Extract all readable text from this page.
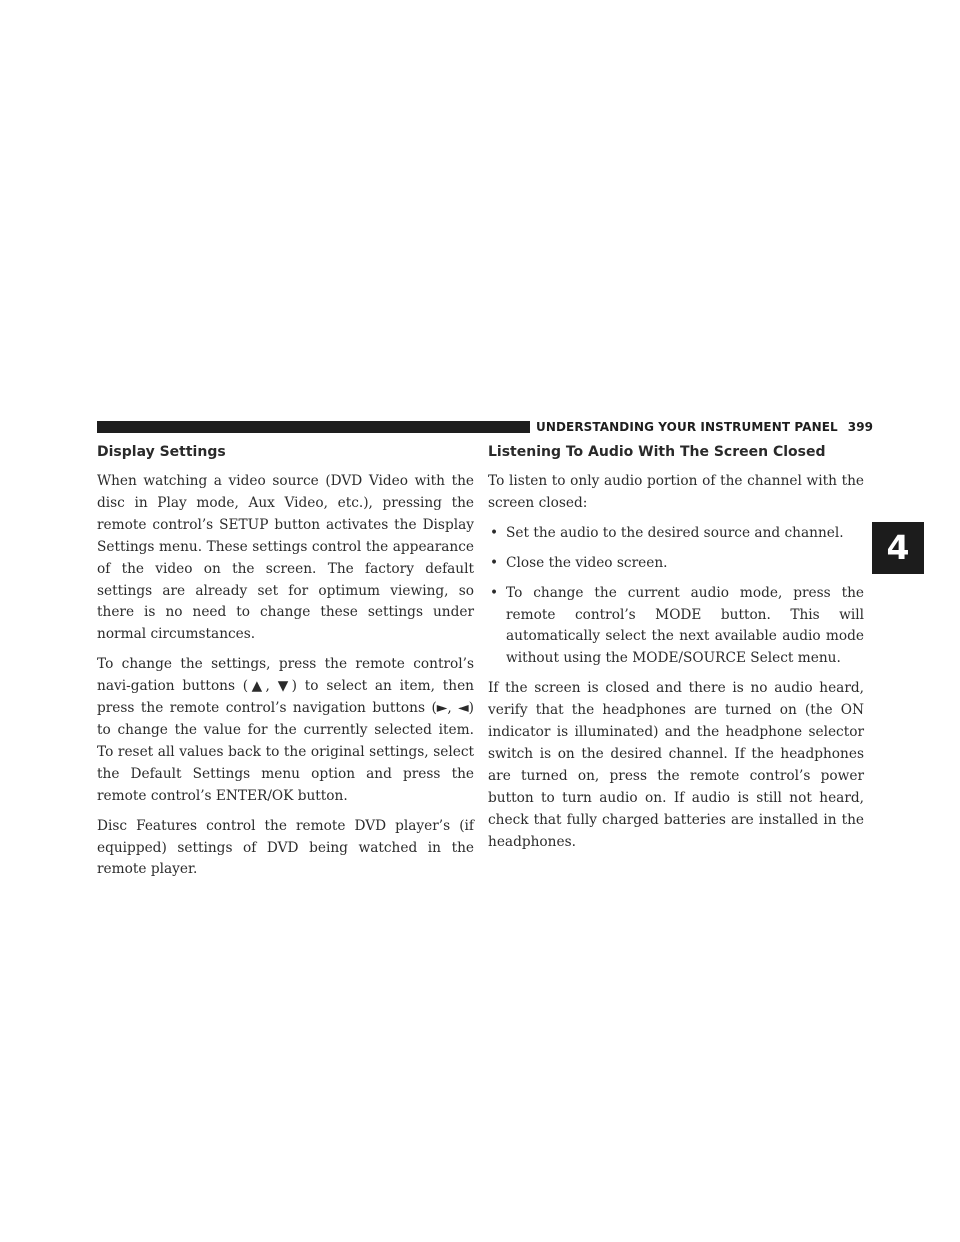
UNDERSTANDING YOUR INSTRUMENT PANEL 399
4
Display Settings

When watching a video source (DVD Video with the disc in Play mode, Aux Video, etc.), pressing the remote control’s SETUP button activates the Display Settings menu. These settings control the appearance of the video on the screen. The factory default settings are already set for optimum viewing, so there is no need to change these settings under normal circumstances.

To change the settings, press the remote control’s navi-gation buttons (▲, ▼) to select an item, then press the remote control’s navigation buttons (►, ◄) to change the value for the currently selected item. To reset all values back to the original settings, select the Default Settings menu option and press the remote control’s ENTER/OK button.

Disc Features control the remote DVD player’s (if equipped) settings of DVD being watched in the remote player.

Listening To Audio With The Screen Closed

To listen to only audio portion of the channel with the screen closed:

• Set the audio to the desired source and channel.
• Close the video screen.
• To change the current audio mode, press the remote control’s MODE button. This will automatically select the next available audio mode without using the MODE/SOURCE Select menu.

If the screen is closed and there is no audio heard, verify that the headphones are turned on (the ON indicator is illuminated) and the headphone selector switch is on the desired channel. If the headphones are turned on, press the remote control’s power button to turn audio on. If audio is still not heard, check that fully charged batteries are installed in the headphones.
